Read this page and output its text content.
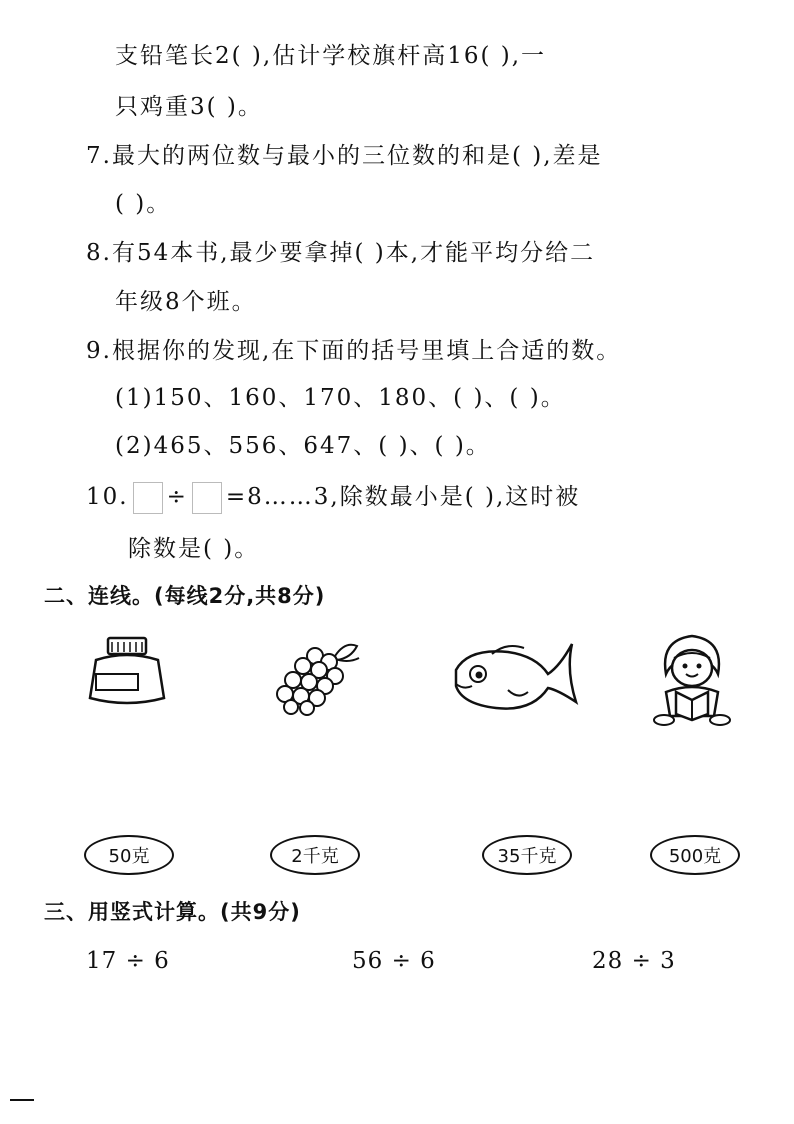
支铅笔长2( ),估计学校旗杆高16( ),一
只鸡重3( )。
7.最大的两位数与最小的三位数的和是( ),差是
( )。
8.有54本书,最少要拿掉( )本,才能平均分给二
年级8个班。
9.根据你的发现,在下面的括号里填上合适的数。
(1)150、160、170、180、( )、( )。
(2)465、556、647、( )、( )。
10. ÷ =8……3,除数最小是( ),这时被
除数是( )。
二、连线。(每线2分,共8分)
50克	2千克	35千克	500克
三、用竖式计算。(共9分)
17 ÷ 6	56 ÷ 6	28 ÷ 3
